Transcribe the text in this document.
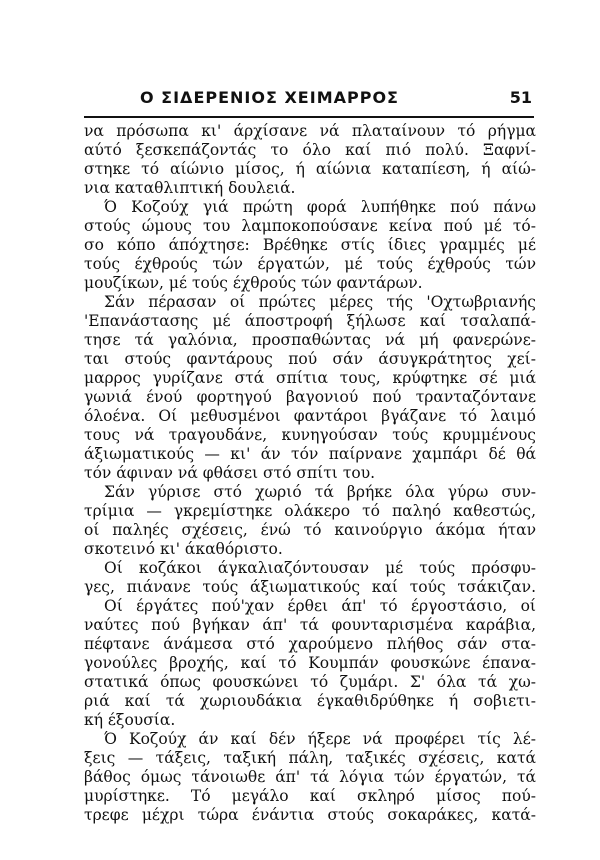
Ο ΣΙΔΕΡΕΝΙΟΣ ΧΕΙΜΑΡΡΟΣ	51
να πρόσωπα κι' άρχίσανε νά πλαταίνουν τό ρήγμα
αύτό ξεσκεπάζοντάς το όλο καί πιό πολύ. Ξαφνί-
στηκε τό αίώνιο μίσος, ή αίώνια καταπίεση, ή αίώ-
νια καταθλιπτική δουλειά.
Ό Κοζούχ γιά πρώτη φορά λυπήθηκε πού πάνω
στούς ώμους του λαμποκοπούσανε κείνα πού μέ τό-
σο κόπο άπόχτησε: Βρέθηκε στίς ίδιες γραμμές μέ
τούς έχθρούς τών έργατών, μέ τούς έχθρούς τών
μουζίκων, μέ τούς έχθρούς τών φαντάρων.
Σάν πέρασαν οί πρώτες μέρες τής 'Οχτωβριανής
'Επανάστασης μέ άποστροφή ξήλωσε καί τσαλαπά-
τησε τά γαλόνια, προσπαθώντας νά μή φανερώνε-
ται στούς φαντάρους πού σάν άσυγκράτητος χεί-
μαρρος γυρίζανε στά σπίτια τους, κρύφτηκε σέ μιά
γωνιά ένού φορτηγού βαγονιού πού τρανταζόντανε
όλοένα. Οί μεθυσμένοι φαντάροι βγάζανε τό λαιμό
τους νά τραγουδάνε, κυνηγούσαν τούς κρυμμένους
άξιωματικούς — κι' άν τόν παίρνανε χαμπάρι δέ θά
τόν άφιναν νά φθάσει στό σπίτι του.
Σάν γύρισε στό χωριό τά βρήκε όλα γύρω συν-
τρίμια — γκρεμίστηκε ολάκερο τό παληό καθεστώς,
οί παληές σχέσεις, ένώ τό καινούργιο άκόμα ήταν
σκοτεινό κι' άκαθόριστο.
Οί κοζάκοι άγκαλιαζόντουσαν μέ τούς πρόσφυ-
γες, πιάνανε τούς άξιωματικούς καί τούς τσάκιζαν.
Οί έργάτες πού'χαν έρθει άπ' τό έργοστάσιο, οί
ναύτες πού βγήκαν άπ' τά φουνταρισμένα καράβια,
πέφτανε άνάμεσα στό χαρούμενο πλήθος σάν στα-
γονούλες βροχής, καί τό Κουμπάν φουσκώνε έπανα-
στατικά όπως φουσκώνει τό ζυμάρι. Σ' όλα τά χω-
ριά καί τά χωριουδάκια έγκαθιδρύθηκε ή σοβιετι-
κή έξουσία.
Ό Κοζούχ άν καί δέν ήξερε νά προφέρει τίς λέ-
ξεις — τάξεις, ταξική πάλη, ταξικές σχέσεις, κατά
βάθος όμως τάνοιωθε άπ' τά λόγια τών έργατών, τά
μυρίστηκε. Τό μεγάλο καί σκληρό μίσος πού-
τρεφε μέχρι τώρα ένάντια στούς σοκαράκες, κατά-
